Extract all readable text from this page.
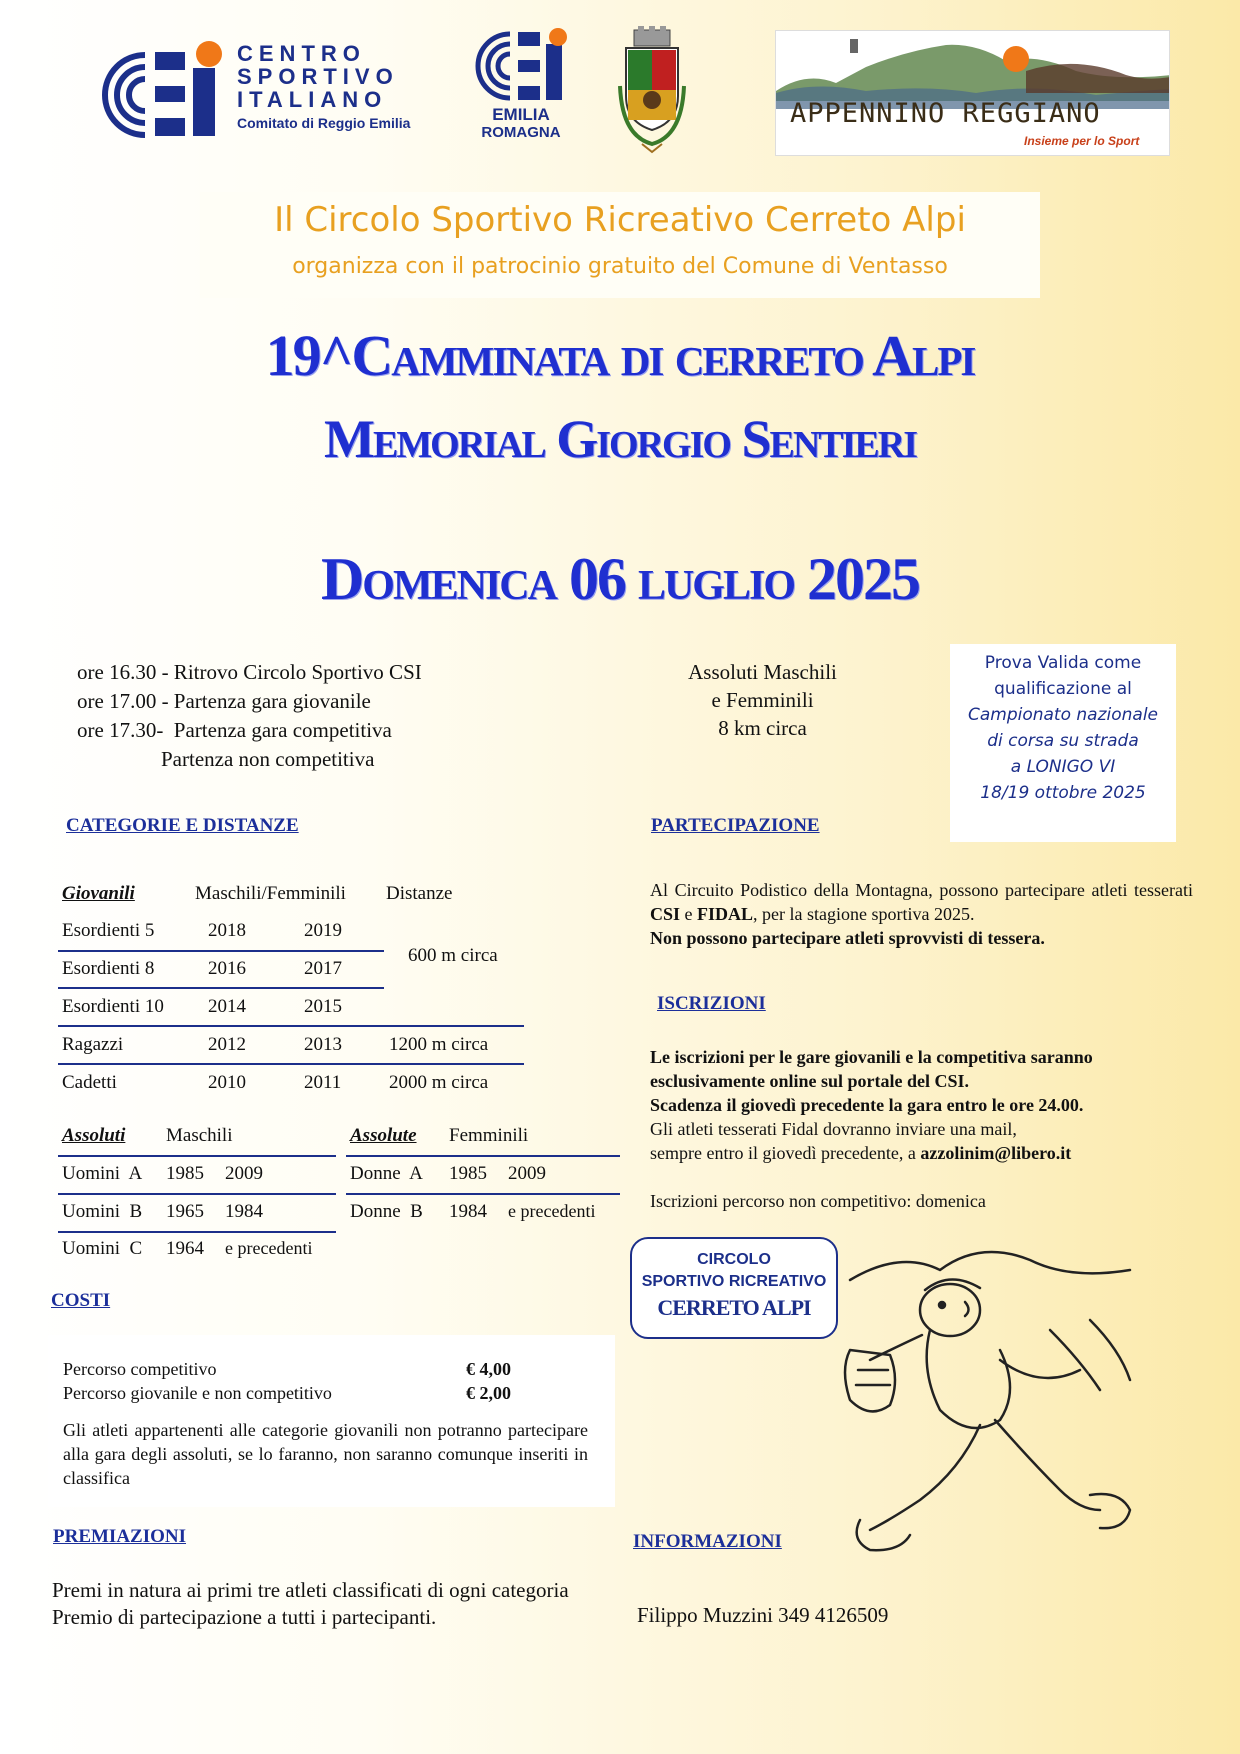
CENTRO
SPORTIVO
ITALIANO
Comitato di Reggio Emilia	EMILIA
ROMAGNA
APPENNINO REGGIANO
Insieme per lo Sport
Il Circolo Sportivo Ricreativo Cerreto Alpi
organizza con il patrocinio gratuito del Comune di Ventasso
19^Camminata di cerreto Alpi
Memorial Giorgio Sentieri
Domenica 06 luglio 2025
ore 16.30 - Ritrovo Circolo Sportivo CSI
ore 17.00 - Partenza gara giovanile
ore 17.30-  Partenza gara competitiva
Partenza non competitiva
Assoluti Maschili
e Femminili
8 km circa
Prova Valida come
qualificazione al
Campionato nazionale
di corsa su strada
a LONIGO VI
18/19 ottobre 2025
CATEGORIE E DISTANZE	PARTECIPAZIONE
ISCRIZIONI
COSTI
PREMIAZIONI	INFORMAZIONI
Giovanili	Maschili/Femminili Distanze
Esordienti 5	2018	2019
600 m circa
Esordienti 8	2016	2017
Esordienti 10 2014	2015
Ragazzi	2012	2013 1200 m circa
Cadetti	2010	2011	2000 m circa
Assoluti Maschili
Uomini  A 1985 2009
Uomini  B 1965 1984
Uomini  C 1964 e precedenti
Assolute Femminili
Donne  A 1985 2009
Donne  B 1984 e precedenti
Al Circuito Podistico della Montagna, possono partecipare atleti tesserati CSI e FIDAL, per la stagione sportiva 2025.
Non possono partecipare atleti sprovvisti di tessera.
Le iscrizioni per le gare giovanili e la competitiva saranno
esclusivamente online sul portale del CSI.
Scadenza il giovedì precedente la gara entro le ore 24.00.
Gli atleti tesserati Fidal dovranno inviare una mail,
sempre entro il giovedì precedente, a azzolinim@libero.it
Iscrizioni percorso non competitivo: domenica
Percorso competitivo	€ 4,00
Percorso giovanile e non competitivo	€ 2,00
Gli atleti appartenenti alle categorie giovanili non potranno partecipare alla gara degli assoluti, se lo faranno, non saranno comunque inseriti in classifica
Premi in natura ai primi tre atleti classificati di ogni categoria
Premio di partecipazione a tutti i partecipanti.	Filippo Muzzini 349 4126509
CIRCOLO
SPORTIVO RICREATIVO
CERRETO ALPI
